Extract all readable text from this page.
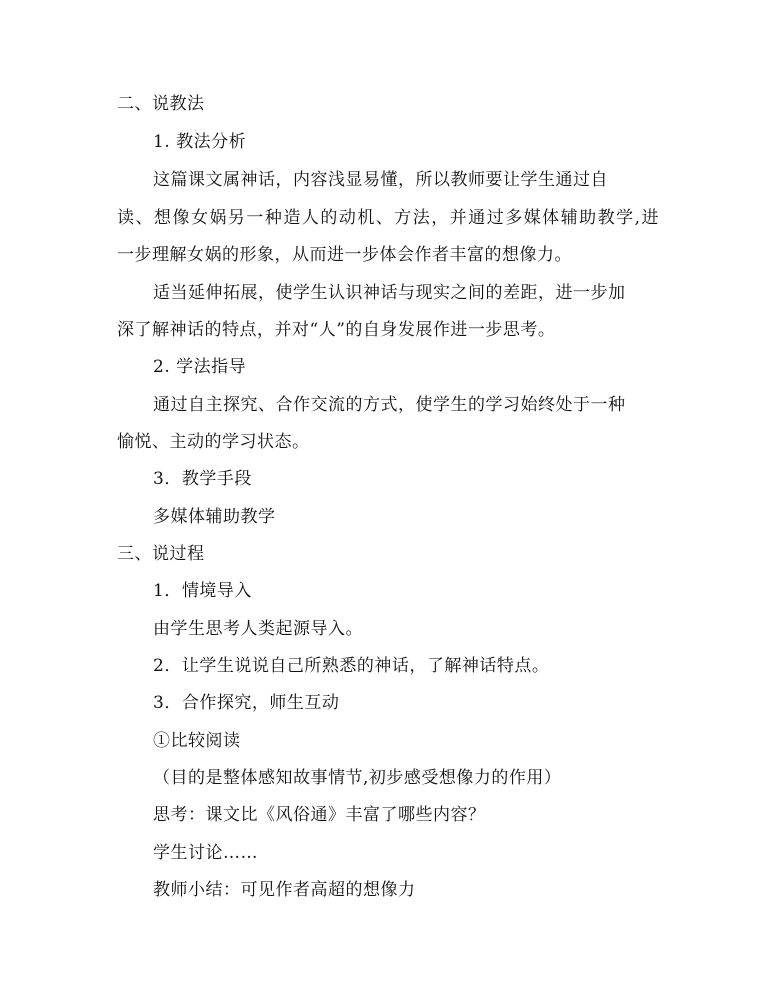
二、说教法
1. 教法分析
这篇课文属神话，内容浅显易懂，所以教师要让学生通过自
读、想像女娲另一种造人的动机、方法，并通过多媒体辅助教学,进
一步理解女娲的形象，从而进一步体会作者丰富的想像力。
适当延伸拓展，使学生认识神话与现实之间的差距，进一步加
深了解神话的特点，并对“人”的自身发展作进一步思考。
2. 学法指导
通过自主探究、合作交流的方式，使学生的学习始终处于一种
愉悦、主动的学习状态。
3．教学手段
多媒体辅助教学
三、说过程
1．情境导入
由学生思考人类起源导入。
2．让学生说说自己所熟悉的神话，了解神话特点。
3．合作探究，师生互动
①比较阅读
（目的是整体感知故事情节,初步感受想像力的作用）
思考：课文比《风俗通》丰富了哪些内容？
学生讨论……
教师小结：可见作者高超的想像力
